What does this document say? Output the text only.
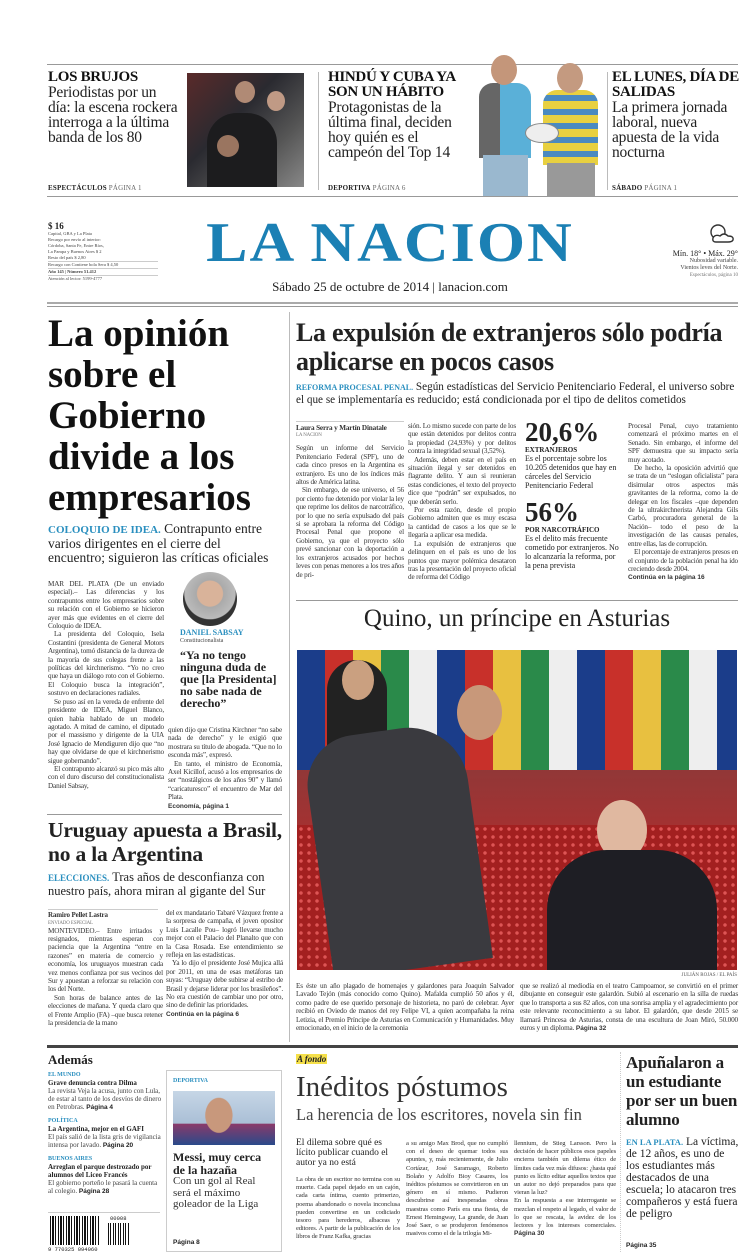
LOS BRUJOS

Periodistas por un día: la escena rockera interroga a la última banda de los 80

ESPECTÁCULOS PÁGINA 1
HINDÚ Y CUBA YA SON UN HÁBITO

Protagonistas de la última final, deciden hoy quién es el campeón del Top 14

DEPORTIVA PÁGINA 6
EL LUNES, DÍA DE SALIDAS

La primera jornada laboral, nueva apuesta de la vida nocturna

SÁBADO PÁGINA 1
$ 16
Capital, GBA y La Plata
Recargo por envío al interior:
Córdoba, Santa Fe, Entre Ríos,
La Pampa y Buenos Aires $ 2
Resto del país $ 2,80
Recargo con Contiene bola Sera $ 4,50
Año 145 | Número 51.412
Atención al lector: 5199-4777
LA NACION
Sábado 25 de octubre de 2014 | lanacion.com
Mín. 18° • Máx. 29°
Nubosidad variable.
Vientos leves del Norte.
Espectáculos, página 10
La opinión sobre el Gobierno divide a los empresarios
COLOQUIO DE IDEA. Contrapunto entre varios dirigentes en el cierre del encuentro; siguieron las críticas oficiales

MAR DEL PLATA (De un enviado especial).– Las diferencias y los contrapuntos entre los empresarios sobre su relación con el Gobierno se hicieron ayer más que evidentes en el cierre del Coloquio de IDEA.

La presidenta del Coloquio, Isela Costantini (presidenta de General Motors Argentina), tomó distancia de la dureza de la mayoría de sus colegas frente a las políticas del kirchnerismo. “Yo no creo que haya un diálogo roto con el Gobierno. El Coloquio busca la integración”, sostuvo en declaraciones radiales.

Se puso así en la vereda de enfrente del presidente de IDEA, Miguel Blanco, quien había hablado de un modelo agotado. A mitad de camino, el diputado por el massismo y dirigente de la UIA José Ignacio de Mendiguren dijo que “no hay que olvidarse de que el kirchnerismo sigue gobernando”.

El contrapunto alcanzó su pico más alto con el duro discurso del constitucionalista Daniel Sabsay,

DANIEL SABSAY
Constitucionalista
“Ya no tengo ninguna duda de que [la Presidenta] no sabe nada de derecho”

quien dijo que Cristina Kirchner “no sabe nada de derecho” y le exigió que mostrara su título de abogada. “Que no lo esconda más”, expresó.

En tanto, el ministro de Economía, Axel Kicillof, acusó a los empresarios de ser “nostálgicos de los años 90” y llamó “caricaturesco” el encuentro de Mar del Plata.

Economía, página 1
Uruguay apuesta a Brasil, no a la Argentina
ELECCIONES. Tras años de desconfianza con nuestro país, ahora miran al gigante del Sur
Ramiro Pellet Lastra
ENVIADO ESPECIAL

MONTEVIDEO.– Entre irritados y resignados, mientras esperan con paciencia que la Argentina “entre en razones” en materia de comercio y economía, los uruguayos muestran cada vez menos confianza por sus vecinos del Sur y apuestan a reforzar su relación con los del Norte.

Son horas de balance antes de las elecciones de mañana. Y queda claro que el Frente Amplio (FA) –que busca retener la presidencia de la mano

del ex mandatario Tabaré Vázquez frente a la sorpresa de campaña, el joven opositor Luis Lacalle Pou– logró llevarse mucho mejor con el Palacio del Planalto que con la Casa Rosada. Ese entendimiento se refleja en las estadísticas.

Ya lo dijo el presidente José Mujica allá por 2011, en una de esas metáforas tan suyas: “Uruguay debe subirse al estribo de Brasil y dejarse liderar por los brasileños”. No era cuestión de cambiar uno por otro, sino de definir las prioridades.

Continúa en la página 6
La expulsión de extranjeros sólo podría aplicarse en pocos casos
REFORMA PROCESAL PENAL. Según estadísticas del Servicio Penitenciario Federal, el universo sobre el que se implementaría es reducido; está condicionada por el tipo de delitos cometidos
Laura Serra y Martín Dinatale
LA NACION

Según un informe del Servicio Penitenciario Federal (SPF), uno de cada cinco presos en la Argentina es extranjero. Es uno de los índices más altos de América latina.

Sin embargo, de ese universo, el 56 por ciento fue detenido por violar la ley que reprime los delitos de narcotráfico, por lo que no sería expulsado del país si se aprobara la reforma del Código Procesal Penal que propone el Gobierno, ya que el proyecto sólo prevé sancionar con la deportación a los extranjeros acusados por hechos leves con penas menores a los tres años de pri-

sión. Lo mismo sucede con parte de los que están detenidos por delitos contra la propiedad (24,93%) y por delitos contra la integridad sexual (3,52%).

Además, deben estar en el país en situación ilegal y ser detenidos en flagrante delito. Y aun si reunieran estas condiciones, el texto del proyecto dice que “podrán” ser expulsados, no que deberán serlo.

Por esta razón, desde el propio Gobierno admiten que es muy escasa la cantidad de casos a los que se le llegaría a aplicar esa medida.

La expulsión de extranjeros que delinquen en el país es uno de los puntos que mayor polémica desataron tras la presentación del proyecto oficial de reforma del Código

20,6%
EXTRANJEROS
Es el porcentaje sobre los 10.205 detenidos que hay en cárceles del Servicio Penitenciario Federal
56%
POR NARCOTRÁFICO
Es el delito más frecuente cometido por extranjeros. No lo alcanzaría la reforma, por la pena prevista

Procesal Penal, cuyo tratamiento comenzará el próximo martes en el Senado. Sin embargo, el informe del SPF demuestra que su impacto sería muy acotado.

De hecho, la oposición advirtió que se trata de un “eslogan oficialista” para disimular otros aspectos más gravitantes de la reforma, como la de delegar en los fiscales –que dependen de la ultrakirchnerista Alejandra Gils Carbó, procuradora general de la Nación– todo el peso de la investigación de las causas penales, entre ellas, las de corrupción.

El porcentaje de extranjeros presos en el conjunto de la población penal ha ido creciendo desde 2004.

Continúa en la página 16
Quino, un príncipe en Asturias
JULIÁN ROJAS / EL PAÍS
Es éste un año plagado de homenajes y galardones para Joaquín Salvador Lavado Tejón (más conocido como Quino). Mafalda cumplió 50 años y él, como padre de ese querido personaje de historieta, no paró de celebrar. Ayer recibió en Oviedo de manos del rey Felipe VI, a quien acompañaba la reina Letizia, el Premio Príncipe de Asturias en Comunicación y Humanidades. Muy emocionado, en el inicio de la ceremonia
que se realizó al mediodía en el teatro Campoamor, se convirtió en el primer dibujante en conseguir este galardón. Subió al escenario en la silla de ruedas que lo transporta a sus 82 años, con una sonrisa amplia y el agradecimiento por este relevante reconocimiento a su labor. El galardón, que desde 2015 se llamará Princesa de Asturias, consta de una escultura de Joan Miró, 50.000 euros y un diploma. Página 32
Además
EL MUNDO
Grave denuncia contra Dilma
La revista Veja la acusa, junto con Lula, de estar al tanto de los desvíos de dinero en Petrobras. Página 4
POLÍTICA
La Argentina, mejor en el GAFI
El país salió de la lista gris de vigilancia intensa por lavado. Página 20
BUENOS AIRES
Arreglan el parque destrozado por alumnos del Liceo Francés
El gobierno porteño le pasará la cuenta al colegio. Página 28
00008
9 770325 094060
DEPORTIVA
Messi, muy cerca de la hazaña
Con un gol al Real será el máximo goleador de la Liga
Página 8
A fondo
Inéditos póstumos
La herencia de los escritores, novela sin fin
El dilema sobre qué es lícito publicar cuando el autor ya no está
La obra de un escritor no termina con su muerte. Cada papel dejado en un cajón, cada carta íntima, cuento primerizo, poema abandonado o novela inconclusa pueden convertirse en un codiciado tesoro para herederos, albaceas y editores. A partir de la publicación de los libros de Franz Kafka, gracias
a su amigo Max Brod, que no cumplió con el deseo de quemar todos sus apuntes, y, más recientemente, de Julio Cortázar, José Saramago, Roberto Bolaño y Adolfo Bioy Casares, los inéditos póstumos se convirtieron en un género en sí mismo. Pudieron descubrirse así inesperadas obras maestras como París era una fiesta, de Ernest Hemingway, La grande, de Juan José Saer, o se produjeron fenómenos masivos como el de la trilogía Mi-
llennium, de Stieg Larsson. Pero la decisión de hacer públicos esos papeles encierra también un dilema ético de límites cada vez más difusos: ¿hasta qué punto es lícito editar aquellos textos que un autor no dejó preparados para que vieran la luz?
En la respuesta a ese interrogante se mezclan el respeto al legado, el valor de lo que se rescata, la avidez de los lectores y los intereses comerciales. Página 30
Apuñalaron a un estudiante por ser un buen alumno
EN LA PLATA. La víctima, de 12 años, es uno de los estudiantes más destacados de una escuela; lo atacaron tres compañeros y está fuera de peligro
Página 35
